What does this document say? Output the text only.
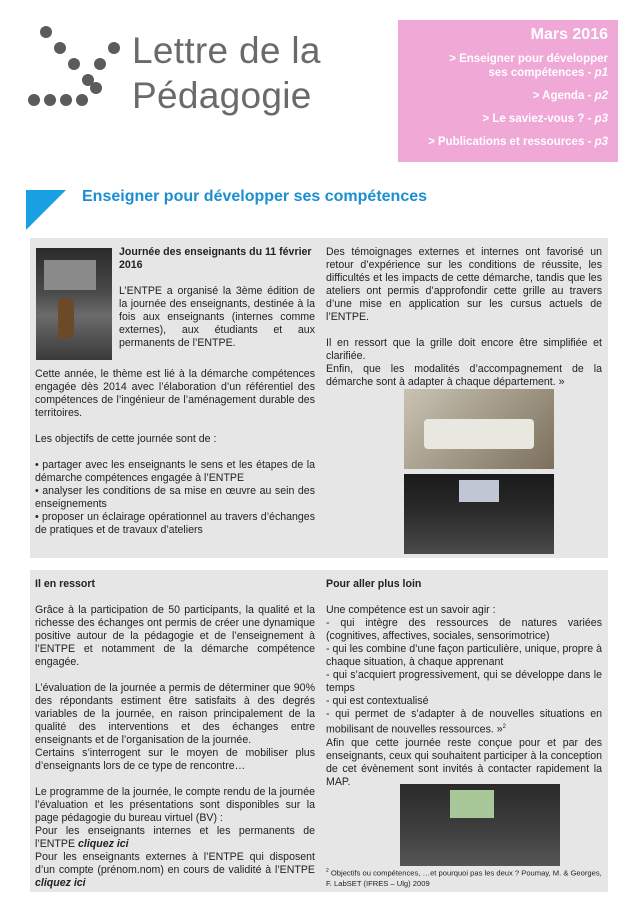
Lettre de la
Pédagogie
Mars 2016
> Enseigner pour développer
ses compétences - p1
> Agenda - p2
> Le saviez-vous ? - p3
> Publications et ressources - p3
Enseigner pour développer ses compétences
Journée des enseignants du 11 février
2016
L’ENTPE a organisé la 3ème édition de la journée des enseignants, destinée à la fois aux enseignants (internes comme externes), aux étudiants et aux permanents de l’ENTPE.

Cette année, le thème est lié à la démarche compétences engagée dès 2014 avec l’élaboration d’un référentiel des compétences de l’ingénieur de l’aménagement durable des territoires.

Les objectifs de cette journée sont de :

• partager avec les enseignants le sens et les étapes de la démarche compétences engagée à l’ENTPE

• analyser les conditions de sa mise en œuvre au sein des enseignements

• proposer un éclairage opérationnel au travers d’échanges de pratiques et de travaux d’ateliers

Des témoignages externes et internes ont favorisé un retour d’expérience sur les conditions de réussite, les difficultés et les impacts de cette démarche, tandis que les ateliers ont permis d’approfondir cette grille au travers d’une mise en application sur les cursus actuels de l’ENTPE.

Il en ressort que la grille doit encore être simplifiée et clarifiée.

Enfin, que les modalités d’accompagnement de la démarche sont à adapter à chaque département. »

Il en ressort

Grâce à la participation de 50 participants, la qualité et la richesse des échanges ont permis de créer une dynamique positive autour de la pédagogie et de l’enseignement à l’ENTPE et notamment de la démarche compétence engagée.

L’évaluation de la journée a permis de déterminer que 90% des répondants estiment être satisfaits à des degrés variables de la journée, en raison principalement de la qualité des interventions et des échanges entre enseignants et de l’organisation de la journée.

Certains s’interrogent sur le moyen de mobiliser plus d’enseignants lors de ce type de rencontre…

Le programme de la journée, le compte rendu de la journée l’évaluation et les présentations sont disponibles sur la page pédagogie du bureau virtuel (BV) :

Pour les enseignants internes et les permanents de l’ENTPE cliquez ici

Pour les enseignants externes à l’ENTPE qui disposent d’un compte (prénom.nom) en cours de validité à l’ENTPE cliquez ici

Pour aller plus loin

Une compétence est un savoir agir :

- qui intègre des ressources de natures variées (cognitives, affectives, sociales, sensorimotrice)

- qui les combine d’une façon particulière, unique, propre à chaque situation, à chaque apprenant

- qui s’acquiert progressivement, qui se développe dans le temps

- qui est contextualisé

- qui permet de s’adapter à de nouvelles situations en mobilisant de nouvelles ressources. »$^2$

Afin que cette journée reste conçue pour et par des enseignants, ceux qui souhaitent participer à la conception de cet évènement sont invités à contacter rapidement la MAP.

$^2$ Objectifs ou compétences, …et pourquoi pas les deux ? Poumay, M. & Georges, F. LabSET (IFRES – Ulg) 2009
